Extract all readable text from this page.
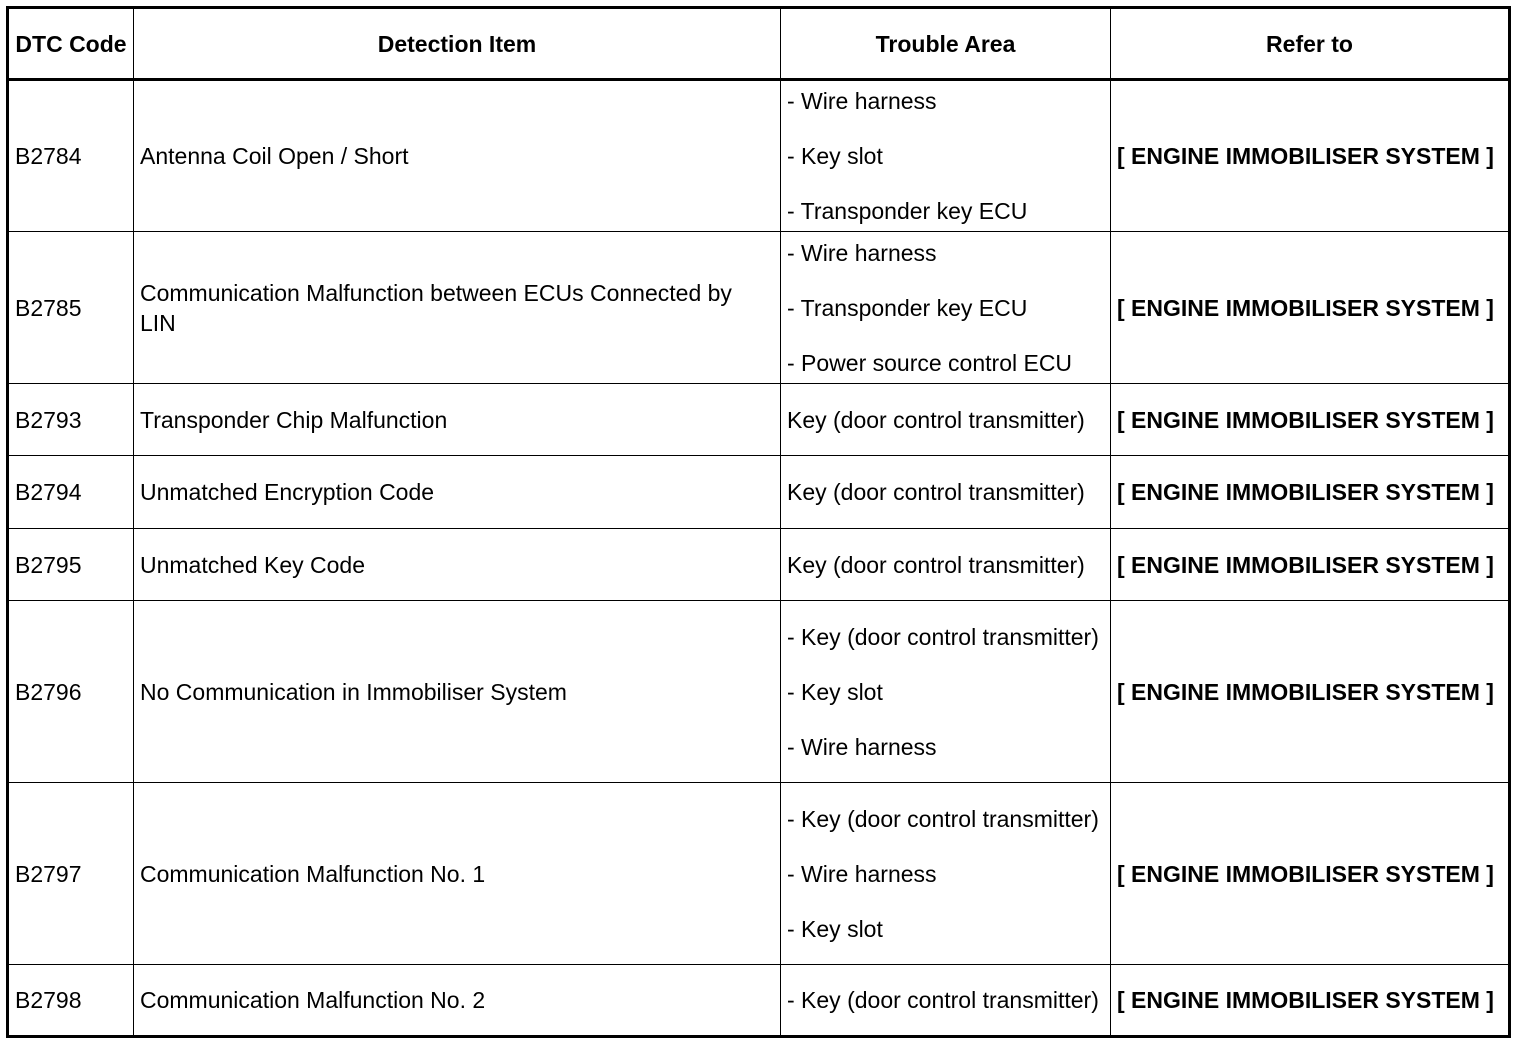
DTC Code	Detection Item	Trouble Area	Refer to
B2784	Antenna Coil Open / Short	- Wire harness
- Key slot
- Transponder key ECU	[ ENGINE IMMOBILISER SYSTEM ]
B2785	Communication Malfunction between ECUs Connected by LIN	- Wire harness
- Transponder key ECU
- Power source control ECU	[ ENGINE IMMOBILISER SYSTEM ]
B2793	Transponder Chip Malfunction	Key (door control transmitter)	[ ENGINE IMMOBILISER SYSTEM ]
B2794	Unmatched Encryption Code	Key (door control transmitter)	[ ENGINE IMMOBILISER SYSTEM ]
B2795	Unmatched Key Code	Key (door control transmitter)	[ ENGINE IMMOBILISER SYSTEM ]
B2796	No Communication in Immobiliser System	- Key (door control transmitter)
- Key slot
- Wire harness	[ ENGINE IMMOBILISER SYSTEM ]
B2797	Communication Malfunction No. 1	- Key (door control transmitter)
- Wire harness
- Key slot	[ ENGINE IMMOBILISER SYSTEM ]
B2798	Communication Malfunction No. 2	- Key (door control transmitter)	[ ENGINE IMMOBILISER SYSTEM ]
